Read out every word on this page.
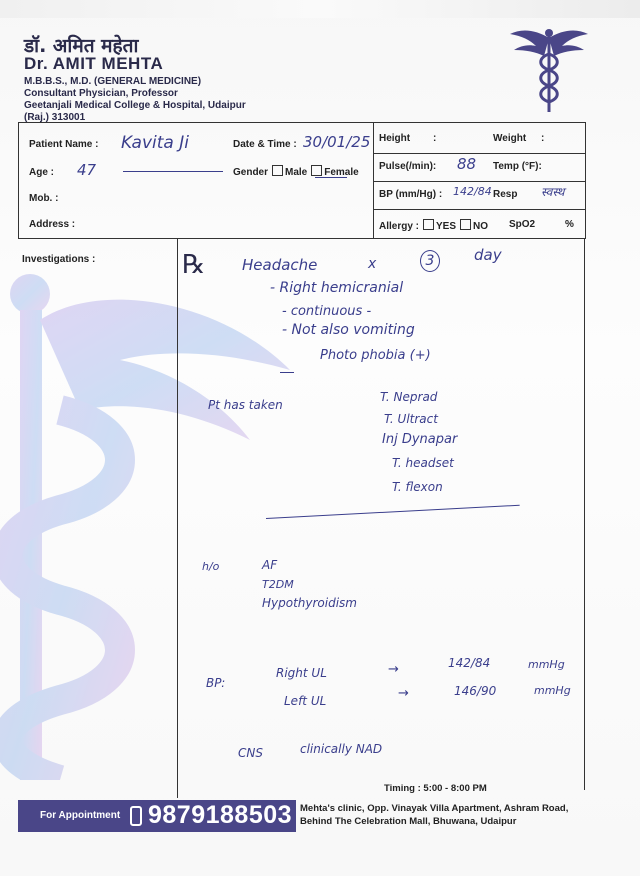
डॉ. अमित महेता
Dr. AMIT MEHTA
M.B.B.S., M.D. (GENERAL MEDICINE)
Consultant Physician, Professor
Geetanjali Medical College & Hospital, Udaipur
(Raj.) 313001
Patient Name : Kavita Ji	Date & Time : 30/01/25
Age : 47	Gender Male Female
Mob. :
Address :
Height :	Weight :
Pulse(/min): 88 Temp (°F):
BP (mm/Hg) : 142/84 Resp स्वस्थ
Allergy : YES NO SpO2	%
Investigations :	℞ Headache	x	3	day
- Right hemicranial
- continuous -
- Not also vomiting
Photo phobia (+)
Pt has taken
T. Neprad
T. Ultract
Inj Dynapar
T. headset
T. flexon
h/o	AF
T2DM
Hypothyroidism
BP:
Right UL	→	142/84	mmHg
Left UL	→	146/90	mmHg
CNS	clinically NAD
Timing : 5:00 - 8:00 PM
For Appointment 9879188503 Mehta's clinic, Opp. Vinayak Villa Apartment, Ashram Road,
Behind The Celebration Mall, Bhuwana, Udaipur
